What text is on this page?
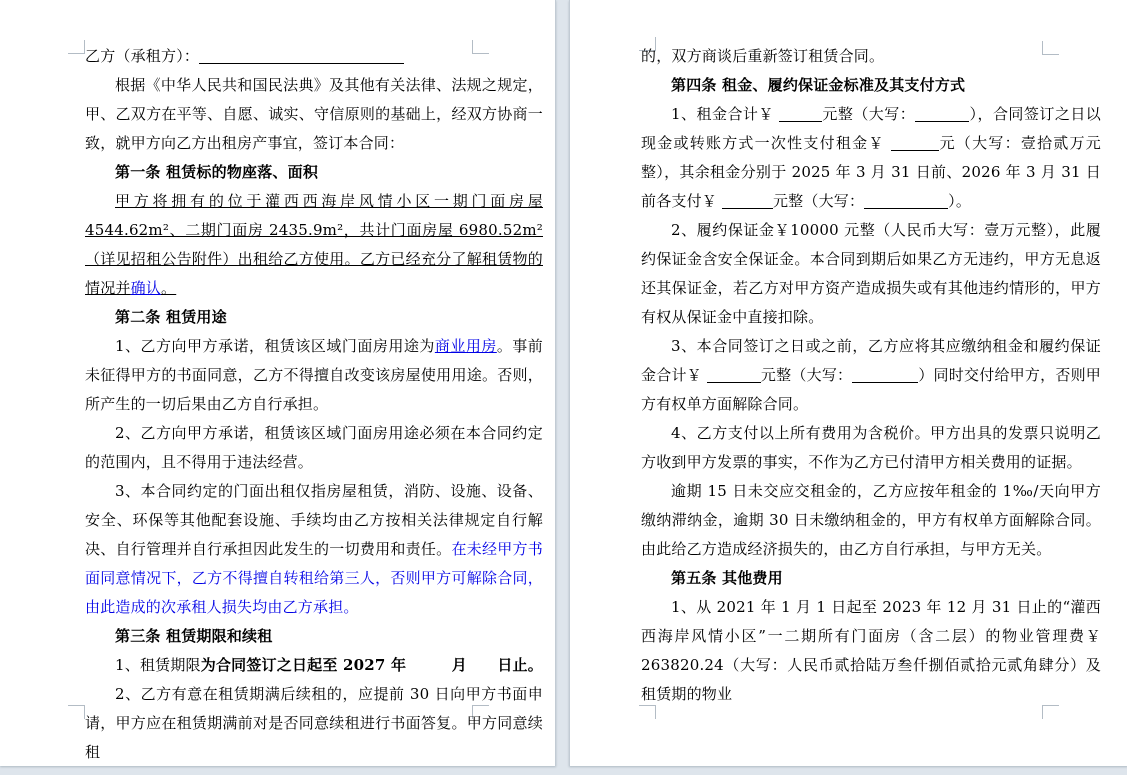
乙方（承租方）：

根据《中华人民共和国民法典》及其他有关法律、法规之规定，甲、乙双方在平等、自愿、诚实、守信原则的基础上，经双方协商一致，就甲方向乙方出租房产事宜，签订本合同：

第一条 租赁标的物座落、面积

甲方将拥有的位于灌西西海岸风情小区一期门面房屋 4544.62m²、二期门面房 2435.9m²，共计门面房屋 6980.52m²（详见招租公告附件）出租给乙方使用。乙方已经充分了解租赁物的情况并确认。

第二条 租赁用途

1、乙方向甲方承诺，租赁该区域门面房用途为商业用房。事前未征得甲方的书面同意，乙方不得擅自改变该房屋使用用途。否则，所产生的一切后果由乙方自行承担。

2、乙方向甲方承诺，租赁该区域门面房用途必须在本合同约定的范围内，且不得用于违法经营。

3、本合同约定的门面出租仅指房屋租赁，消防、设施、设备、安全、环保等其他配套设施、手续均由乙方按相关法律规定自行解决、自行管理并自行承担因此发生的一切费用和责任。在未经甲方书面同意情况下，乙方不得擅自转租给第三人，否则甲方可解除合同，由此造成的次承租人损失均由乙方承担。

第三条 租赁期限和续租

1、租赁期限为合同签订之日起至 2027 年　　　月　　日止。

2、乙方有意在租赁期满后续租的，应提前 30 日向甲方书面申请，甲方应在租赁期满前对是否同意续租进行书面答复。甲方同意续租

的，双方商谈后重新签订租赁合同。

第四条 租金、履约保证金标准及其支付方式

1、租金合计￥	元整（大写：	），合同签订之日以现金或转账方式一次性支付租金￥	元（大写：壹拾贰万元整），其余租金分别于 2025 年 3 月 31 日前、2026 年 3 月 31 日前各支付￥	元整（大写：	）。

2、履约保证金￥10000 元整（人民币大写：壹万元整），此履约保证金含安全保证金。本合同到期后如果乙方无违约，甲方无息返还其保证金，若乙方对甲方资产造成损失或有其他违约情形的，甲方有权从保证金中直接扣除。

3、本合同签订之日或之前，乙方应将其应缴纳租金和履约保证金合计￥	元整（大写：	）同时交付给甲方，否则甲方有权单方面解除合同。

4、乙方支付以上所有费用为含税价。甲方出具的发票只说明乙方收到甲方发票的事实，不作为乙方已付清甲方相关费用的证据。

逾期 15 日未交应交租金的，乙方应按年租金的 1‰/天向甲方缴纳滞纳金，逾期 30 日未缴纳租金的，甲方有权单方面解除合同。由此给乙方造成经济损失的，由乙方自行承担，与甲方无关。

第五条 其他费用

1、从 2021 年 1 月 1 日起至 2023 年 12 月 31 日止的“灌西西海岸风情小区”一二期所有门面房（含二层）的物业管理费￥ 263820.24（大写：人民币贰拾陆万叁仟捌佰贰拾元贰角肆分）及租赁期的物业
